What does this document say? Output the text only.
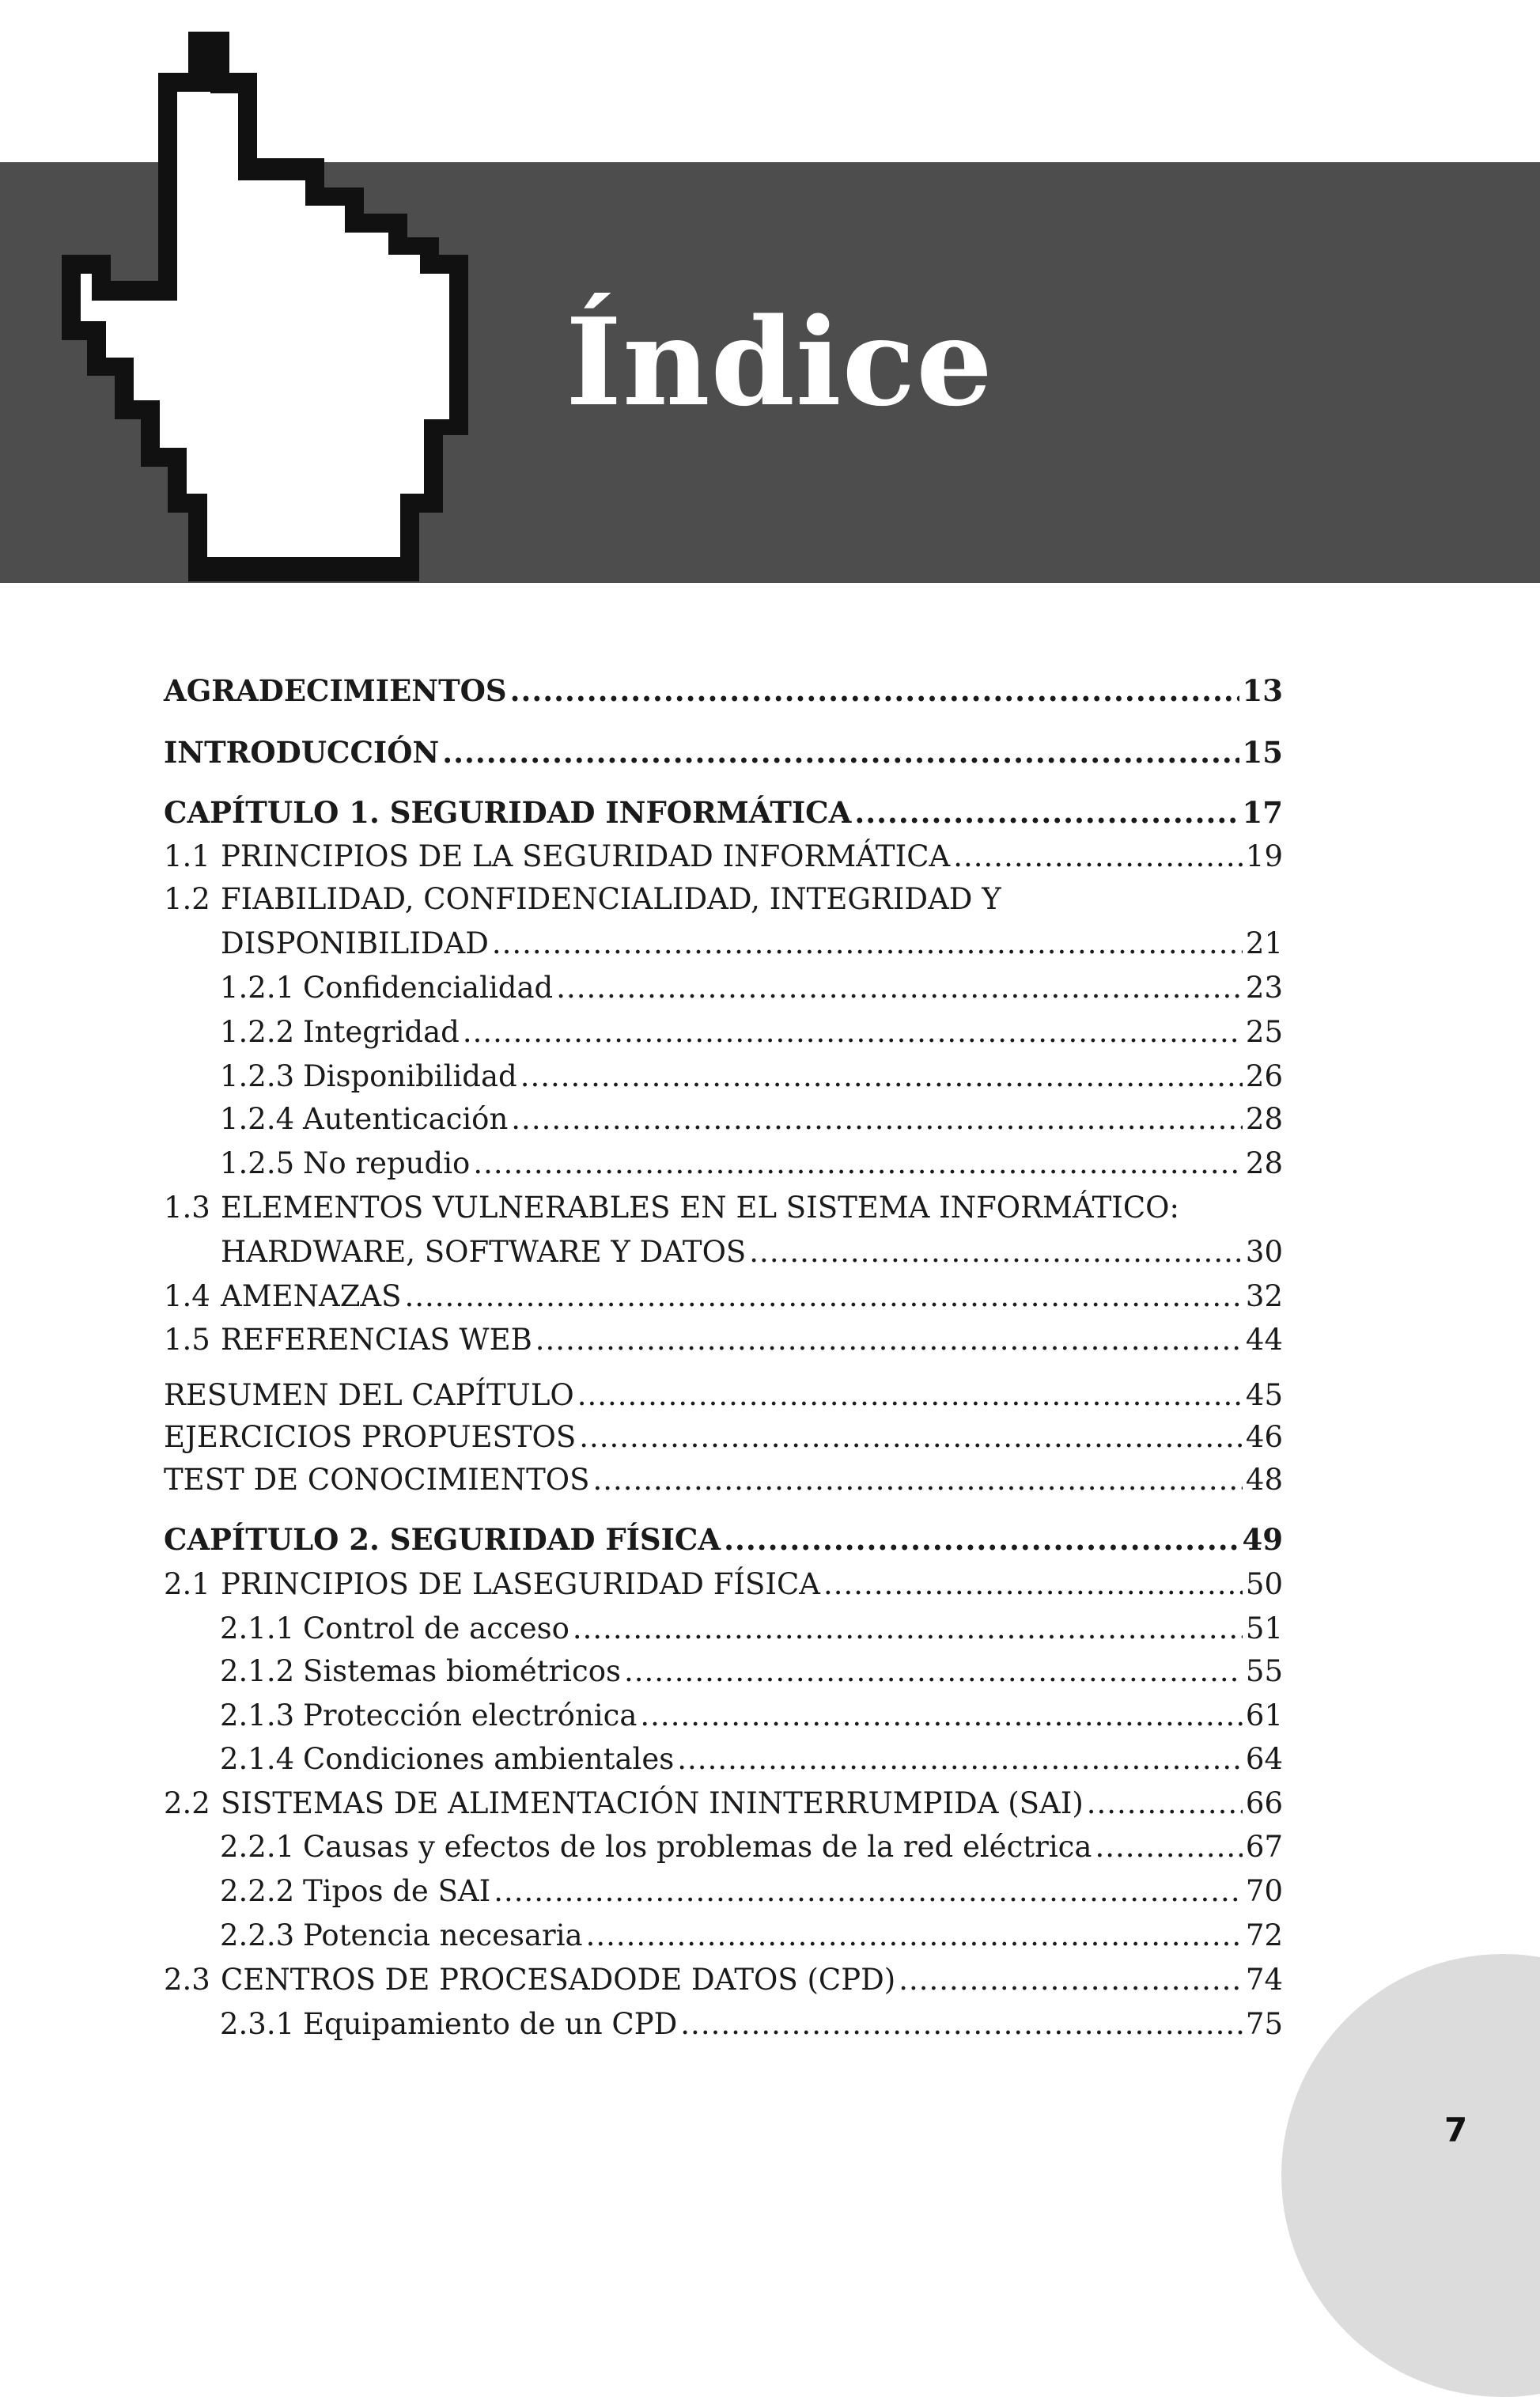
Índice
AGRADECIMIENTOS .....	13
INTRODUCCIÓN .....	15
CAPÍTULO 1. SEGURIDAD INFORMÁTICA .....	17
1.1 PRINCIPIOS DE LA SEGURIDAD INFORMÁTICA .....	19
1.2 FIABILIDAD, CONFIDENCIALIDAD, INTEGRIDAD Y
DISPONIBILIDAD .....	21
1.2.1 Confidencialidad .....	23
1.2.2 Integridad .....	25
1.2.3 Disponibilidad .....	26
1.2.4 Autenticación .....	28
1.2.5 No repudio .....	28
1.3 ELEMENTOS VULNERABLES EN EL SISTEMA INFORMÁTICO:
HARDWARE, SOFTWARE Y DATOS .....	30
1.4 AMENAZAS .....	32
1.5 REFERENCIAS WEB .....	44
RESUMEN DEL CAPÍTULO .....	45
EJERCICIOS PROPUESTOS .....	46
TEST DE CONOCIMIENTOS .....	48
CAPÍTULO 2. SEGURIDAD FÍSICA .....	49
2.1 PRINCIPIOS DE LASEGURIDAD FÍSICA .....	50
2.1.1 Control de acceso .....	51
2.1.2 Sistemas biométricos .....	55
2.1.3 Protección electrónica .....	61
2.1.4 Condiciones ambientales .....	64
2.2 SISTEMAS DE ALIMENTACIÓN ININTERRUMPIDA (SAI) .....	66
2.2.1 Causas y efectos de los problemas de la red eléctrica .....	67
2.2.2 Tipos de SAI .....	70
2.2.3 Potencia necesaria .....	72
2.3 CENTROS DE PROCESADODE DATOS (CPD) .....	74
2.3.1 Equipamiento de un CPD .....	75
7
